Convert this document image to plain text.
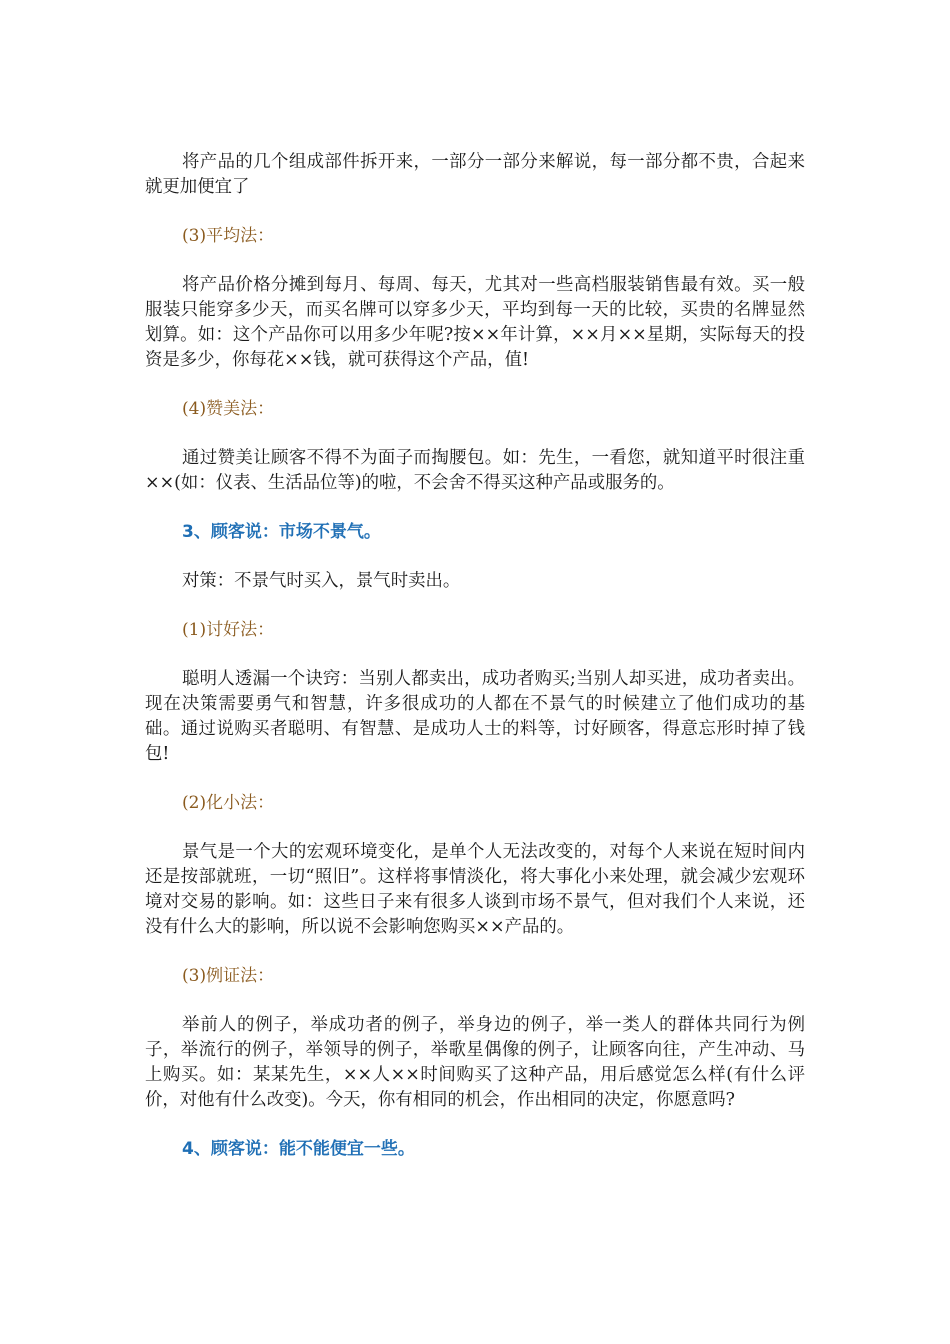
将产品的几个组成部件拆开来，一部分一部分来解说，每一部分都不贵，合起来就更加便宜了

(3)平均法：

将产品价格分摊到每月、每周、每天，尤其对一些高档服装销售最有效。买一般服装只能穿多少天，而买名牌可以穿多少天，平均到每一天的比较，买贵的名牌显然划算。如：这个产品你可以用多少年呢?按××年计算，××月××星期，实际每天的投资是多少，你每花××钱，就可获得这个产品，值!

(4)赞美法：

通过赞美让顾客不得不为面子而掏腰包。如：先生，一看您，就知道平时很注重××(如：仪表、生活品位等)的啦，不会舍不得买这种产品或服务的。

3、顾客说：市场不景气。

对策：不景气时买入，景气时卖出。

(1)讨好法：

聪明人透漏一个诀窍：当别人都卖出，成功者购买;当别人却买进，成功者卖出。现在决策需要勇气和智慧，许多很成功的人都在不景气的时候建立了他们成功的基础。通过说购买者聪明、有智慧、是成功人士的料等，讨好顾客，得意忘形时掉了钱包!

(2)化小法：

景气是一个大的宏观环境变化，是单个人无法改变的，对每个人来说在短时间内还是按部就班，一切“照旧”。这样将事情淡化，将大事化小来处理，就会减少宏观环境对交易的影响。如：这些日子来有很多人谈到市场不景气，但对我们个人来说，还没有什么大的影响，所以说不会影响您购买××产品的。

(3)例证法：

举前人的例子，举成功者的例子，举身边的例子，举一类人的群体共同行为例子，举流行的例子，举领导的例子，举歌星偶像的例子，让顾客向往，产生冲动、马上购买。如：某某先生，××人××时间购买了这种产品，用后感觉怎么样(有什么评价，对他有什么改变)。今天，你有相同的机会，作出相同的决定，你愿意吗?

4、顾客说：能不能便宜一些。
